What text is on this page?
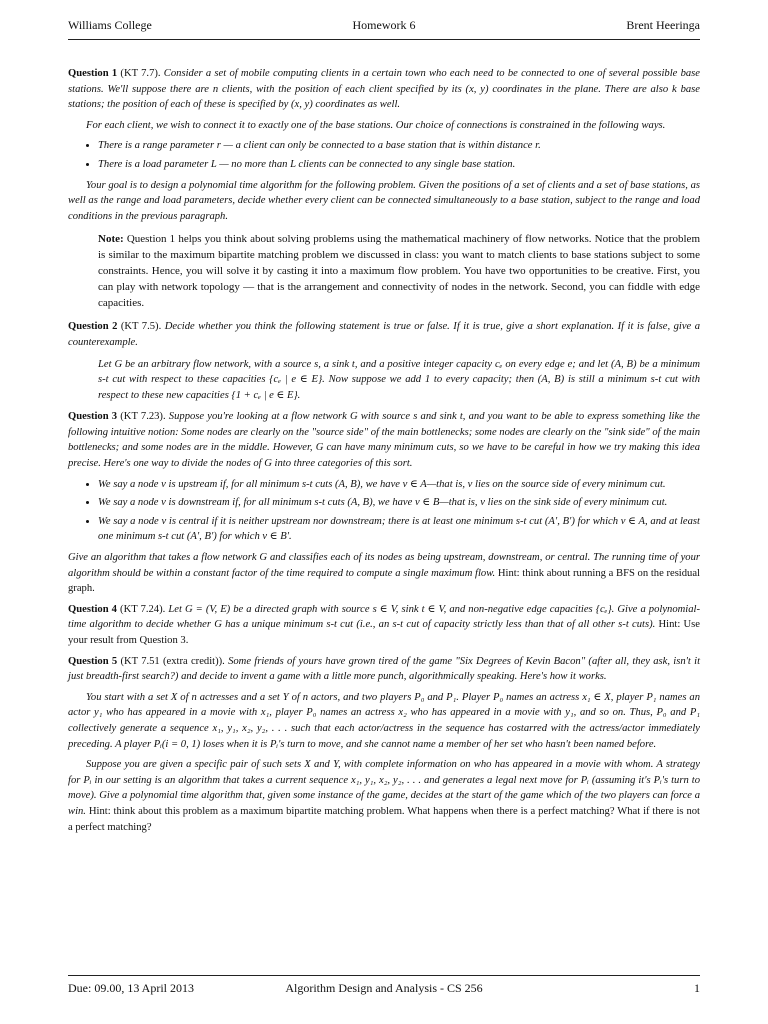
Williams College	Homework 6	Brent Heeringa

Question 1 (KT 7.7). Consider a set of mobile computing clients in a certain town who each need to be connected to one of several possible base stations. We'll suppose there are n clients, with the position of each client specified by its (x, y) coordinates in the plane. There are also k base stations; the position of each of these is specified by (x, y) coordinates as well.

For each client, we wish to connect it to exactly one of the base stations. Our choice of connections is constrained in the following ways.

• There is a range parameter r — a client can only be connected to a base station that is within distance r.
• There is a load parameter L — no more than L clients can be connected to any single base station.

Your goal is to design a polynomial time algorithm for the following problem. Given the positions of a set of clients and a set of base stations, as well as the range and load parameters, decide whether every client can be connected simultaneously to a base station, subject to the range and load conditions in the previous paragraph.

Note: Question 1 helps you think about solving problems using the mathematical machinery of flow networks. Notice that the problem is similar to the maximum bipartite matching problem we discussed in class: you want to match clients to base stations subject to some constraints. Hence, you will solve it by casting it into a maximum flow problem. You have two opportunities to be creative. First, you can play with network topology — that is the arrangement and connectivity of nodes in the network. Second, you can fiddle with edge capacities.

Question 2 (KT 7.5). Decide whether you think the following statement is true or false. If it is true, give a short explanation. If it is false, give a counterexample.

Let G be an arbitrary flow network, with a source s, a sink t, and a positive integer capacity cₑ on every edge e; and let (A, B) be a minimum s-t cut with respect to these capacities {cₑ | e ∈ E}. Now suppose we add 1 to every capacity; then (A, B) is still a minimum s-t cut with respect to these new capacities {1 + cₑ | e ∈ E}.

Question 3 (KT 7.23). Suppose you're looking at a flow network G with source s and sink t, and you want to be able to express something like the following intuitive notion: Some nodes are clearly on the "source side" of the main bottlenecks; some nodes are clearly on the "sink side" of the main bottlenecks; and some nodes are in the middle. However, G can have many minimum cuts, so we have to be careful in how we try making this idea precise. Here's one way to divide the nodes of G into three categories of this sort.

• We say a node v is upstream if, for all minimum s-t cuts (A, B), we have v ∈ A—that is, v lies on the source side of every minimum cut.
• We say a node v is downstream if, for all minimum s-t cuts (A, B), we have v ∈ B—that is, v lies on the sink side of every minimum cut.
• We say a node v is central if it is neither upstream nor downstream; there is at least one minimum s-t cut (A′, B′) for which v ∈ A, and at least one minimum s-t cut (A′, B′) for which v ∈ B′.

Give an algorithm that takes a flow network G and classifies each of its nodes as being upstream, downstream, or central. The running time of your algorithm should be within a constant factor of the time required to compute a single maximum flow. Hint: think about running a BFS on the residual graph.

Question 4 (KT 7.24). Let G = (V, E) be a directed graph with source s ∈ V, sink t ∈ V, and non-negative edge capacities {cₑ}. Give a polynomial-time algorithm to decide whether G has a unique minimum s-t cut (i.e., an s-t cut of capacity strictly less than that of all other s-t cuts). Hint: Use your result from Question 3.

Question 5 (KT 7.51 (extra credit)). Some friends of yours have grown tired of the game "Six Degrees of Kevin Bacon" (after all, they ask, isn't it just breadth-first search?) and decide to invent a game with a little more punch, algorithmically speaking. Here's how it works.

You start with a set X of n actresses and a set Y of n actors, and two players P₀ and P₁. Player P₀ names an actress x₁ ∈ X, player P₁ names an actor y₁ who has appeared in a movie with x₁, player P₀ names an actress x₂ who has appeared in a movie with y₁, and so on. Thus, P₀ and P₁ collectively generate a sequence x₁, y₁, x₂, y₂, . . . such that each actor/actress in the sequence has costarred with the actress/actor immediately preceding. A player Pᵢ(i = 0, 1) loses when it is Pᵢ's turn to move, and she cannot name a member of her set who hasn't been named before.

Suppose you are given a specific pair of such sets X and Y, with complete information on who has appeared in a movie with whom. A strategy for Pᵢ in our setting is an algorithm that takes a current sequence x₁, y₁, x₂, y₂, . . . and generates a legal next move for Pᵢ (assuming it's Pᵢ's turn to move). Give a polynomial time algorithm that, given some instance of the game, decides at the start of the game which of the two players can force a win. Hint: think about this problem as a maximum bipartite matching problem. What happens when there is a perfect matching? What if there is not a perfect matching?

Due: 09.00, 13 April 2013	Algorithm Design and Analysis - CS 256	1
